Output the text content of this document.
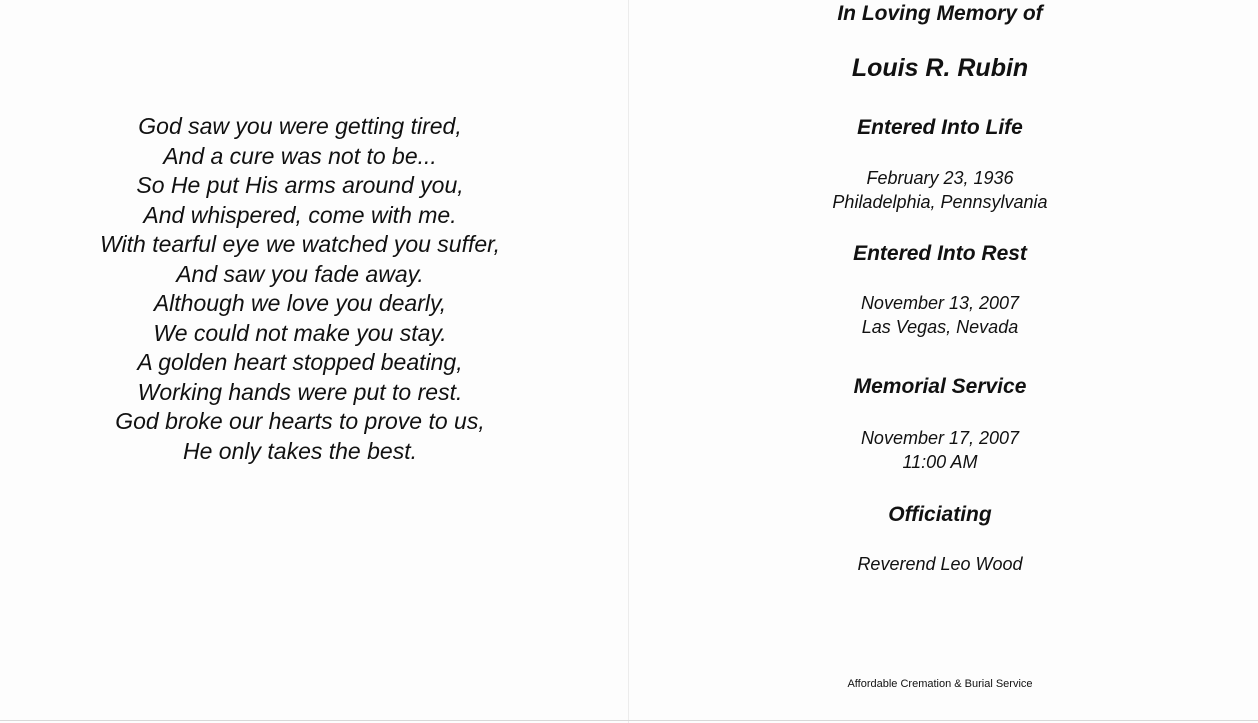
God saw you were getting tired,
And a cure was not to be...
So He put His arms around you,
And whispered, come with me.
With tearful eye we watched you suffer,
And saw you fade away.
Although we love you dearly,
We could not make you stay.
A golden heart stopped beating,
Working hands were put to rest.
God broke our hearts to prove to us,
He only takes the best.
In Loving Memory of
Louis R. Rubin
Entered Into Life
February 23, 1936
Philadelphia, Pennsylvania
Entered Into Rest
November 13, 2007
Las Vegas, Nevada
Memorial Service
November 17, 2007
11:00 AM
Officiating
Reverend Leo Wood
Affordable Cremation & Burial Service
